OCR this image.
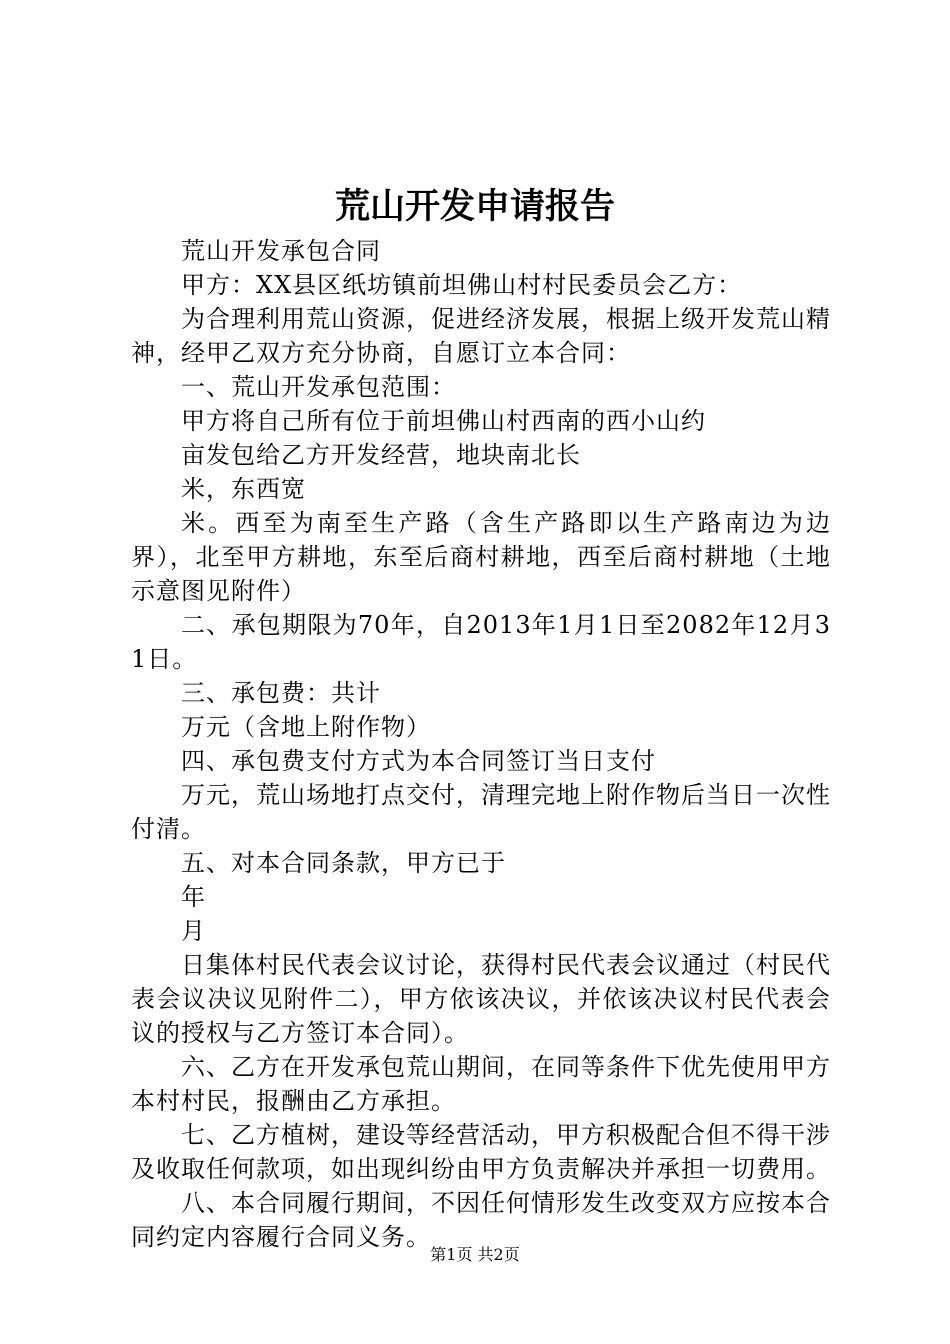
荒山开发申请报告

荒山开发承包合同

甲方：XX县区纸坊镇前坦佛山村村民委员会乙方：

为合理利用荒山资源，促进经济发展，根据上级开发荒山精神，经甲乙双方充分协商，自愿订立本合同：

一、荒山开发承包范围：

甲方将自己所有位于前坦佛山村西南的西小山约

亩发包给乙方开发经营，地块南北长

米，东西宽

米。西至为南至生产路（含生产路即以生产路南边为边界），北至甲方耕地，东至后商村耕地，西至后商村耕地（土地示意图见附件）

二、承包期限为70年，自2013年1月1日至2082年12月31日。

三、承包费：共计

万元（含地上附作物）

四、承包费支付方式为本合同签订当日支付

万元，荒山场地打点交付，清理完地上附作物后当日一次性付清。

五、对本合同条款，甲方已于

年

月

日集体村民代表会议讨论，获得村民代表会议通过（村民代表会议决议见附件二），甲方依该决议，并依该决议村民代表会议的授权与乙方签订本合同）。

六、乙方在开发承包荒山期间，在同等条件下优先使用甲方本村村民，报酬由乙方承担。

七、乙方植树，建设等经营活动，甲方积极配合但不得干涉及收取任何款项，如出现纠纷由甲方负责解决并承担一切费用。

八、本合同履行期间，不因任何情形发生改变双方应按本合同约定内容履行合同义务。

第1页 共2页
